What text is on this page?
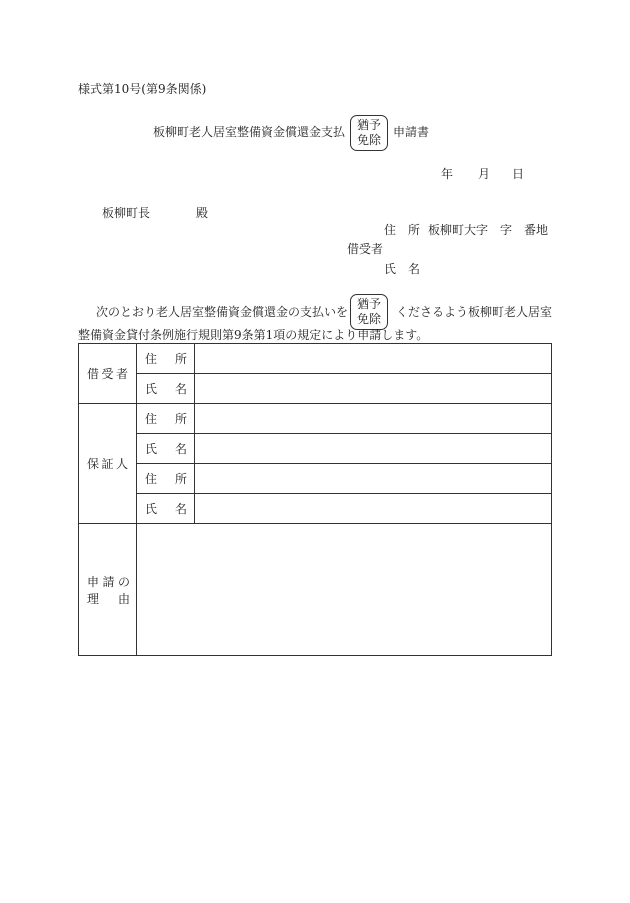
様式第10号(第9条関係)
板柳町老人居室整備資金償還金支払 猶予
免除
申請書
年 月 日
板柳町長	殿
住　所 板柳町大字　字　番地
借受者
氏　名
次のとおり老人居室整備資金償還金の支払いを
猶予
免除	くださるよう板柳町老人居室
整備資金貸付条例施行規則第9条第1項の規定により申請します。
借 受 者	住 所	

	氏 名	

保 証 人	住 所	

	氏 名	

	住 所	

	氏 名	

申 請 の
理 由		
